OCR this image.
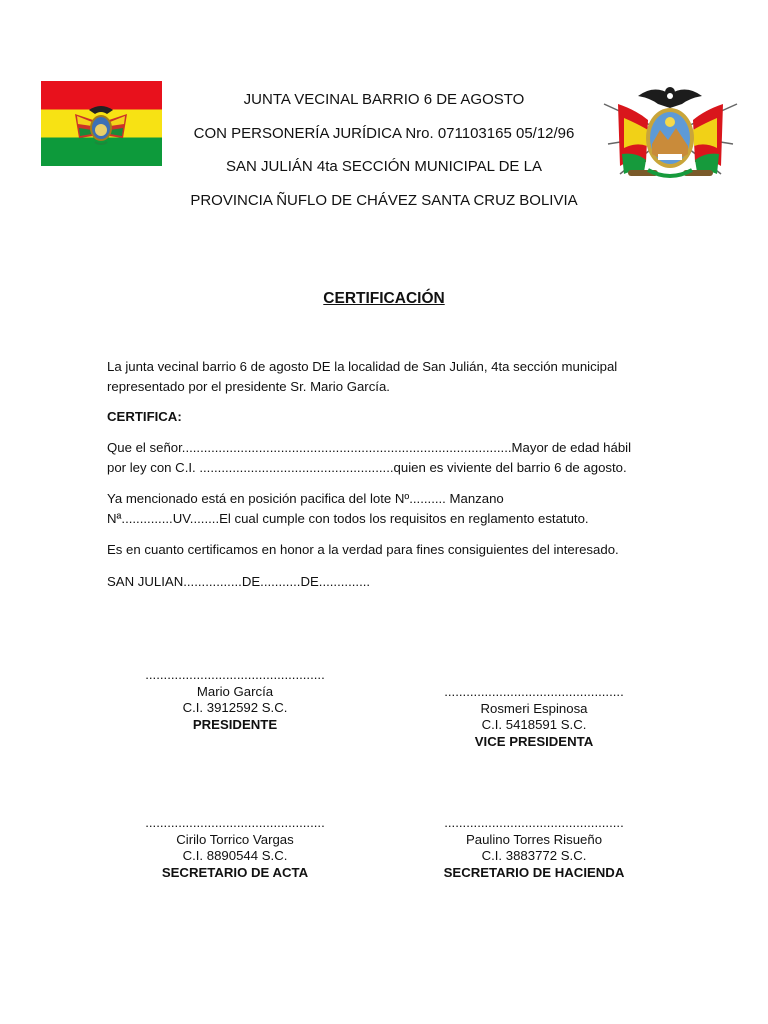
JUNTA VECINAL BARRIO 6 DE AGOSTO
CON PERSONERÍA JURÍDICA Nro. 071103165 05/12/96
SAN JULIÁN 4ta SECCIÓN MUNICIPAL DE LA
PROVINCIA ÑUFLO DE CHÁVEZ SANTA CRUZ BOLIVIA
CERTIFICACIÓN
La junta vecinal barrio 6 de agosto DE la localidad de San Julián, 4ta sección municipal
representado por el presidente Sr. Mario García.
CERTIFICA:
Que el señor..........................................................................................Mayor de edad hábil
por ley con C.I. .....................................................quien es viviente del barrio 6 de agosto.
Ya mencionado está en posición pacifica del lote Nº.......... Manzano
Nª..............UV........El cual cumple con todos los requisitos en reglamento estatuto.
Es en cuanto certificamos en honor a la verdad para fines consiguientes del interesado.
SAN JULIAN................DE...........DE..............
.................................................
Mario García
C.I. 3912592 S.C.
PRESIDENTE
.................................................
Rosmeri Espinosa
C.I. 5418591 S.C.
VICE PRESIDENTA
.................................................
Cirilo Torrico Vargas
C.I. 8890544 S.C.
SECRETARIO DE ACTA
.................................................
Paulino Torres Risueño
C.I. 3883772 S.C.
SECRETARIO DE HACIENDA
